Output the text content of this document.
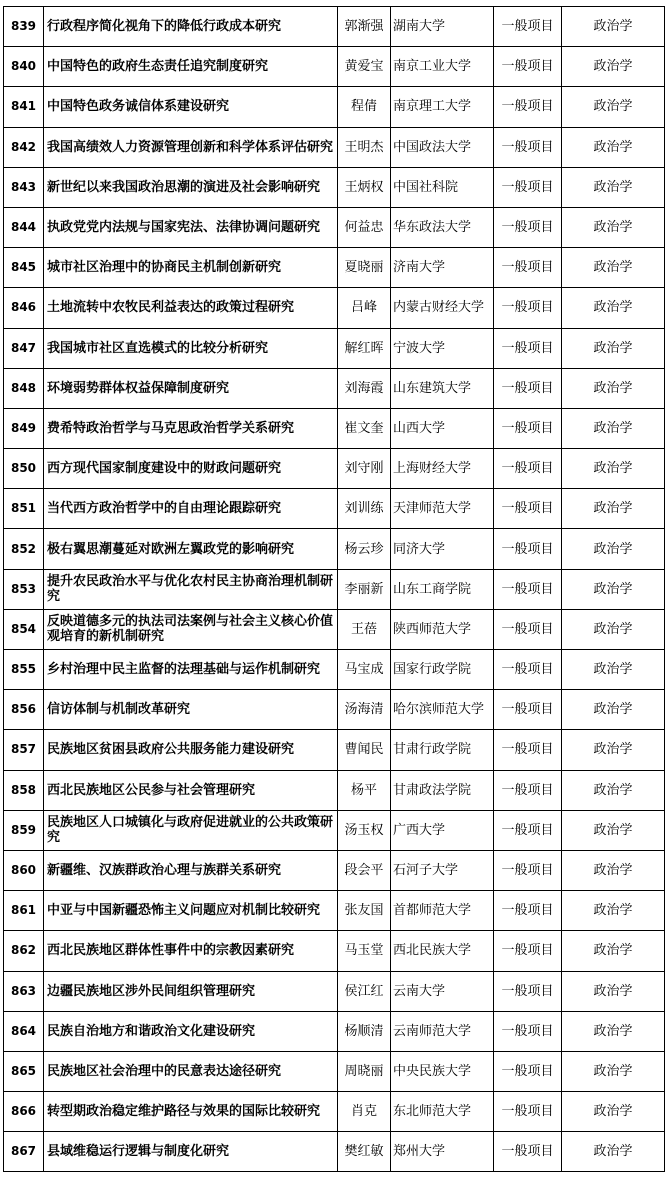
839	行政程序简化视角下的降低行政成本研究	郭渐强	湖南大学	一般项目	政治学
840	中国特色的政府生态责任追究制度研究	黄爱宝	南京工业大学	一般项目	政治学
841	中国特色政务诚信体系建设研究	程倩	南京理工大学	一般项目	政治学
842	我国高绩效人力资源管理创新和科学体系评估研究	王明杰	中国政法大学	一般项目	政治学
843	新世纪以来我国政治思潮的演进及社会影响研究	王炳权	中国社科院	一般项目	政治学
844	执政党党内法规与国家宪法、法律协调问题研究	何益忠	华东政法大学	一般项目	政治学
845	城市社区治理中的协商民主机制创新研究	夏晓丽	济南大学	一般项目	政治学
846	土地流转中农牧民利益表达的政策过程研究	吕峰	内蒙古财经大学	一般项目	政治学
847	我国城市社区直选模式的比较分析研究	解红晖	宁波大学	一般项目	政治学
848	环境弱势群体权益保障制度研究	刘海霞	山东建筑大学	一般项目	政治学
849	费希特政治哲学与马克思政治哲学关系研究	崔文奎	山西大学	一般项目	政治学
850	西方现代国家制度建设中的财政问题研究	刘守刚	上海财经大学	一般项目	政治学
851	当代西方政治哲学中的自由理论跟踪研究	刘训练	天津师范大学	一般项目	政治学
852	极右翼思潮蔓延对欧洲左翼政党的影响研究	杨云珍	同济大学	一般项目	政治学
853	提升农民政治水平与优化农村民主协商治理机制研究	李丽新	山东工商学院	一般项目	政治学
854	反映道德多元的执法司法案例与社会主义核心价值观培育的新机制研究	王蓓	陕西师范大学	一般项目	政治学
855	乡村治理中民主监督的法理基础与运作机制研究	马宝成	国家行政学院	一般项目	政治学
856	信访体制与机制改革研究	汤海清	哈尔滨师范大学	一般项目	政治学
857	民族地区贫困县政府公共服务能力建设研究	曹闻民	甘肃行政学院	一般项目	政治学
858	西北民族地区公民参与社会管理研究	杨平	甘肃政法学院	一般项目	政治学
859	民族地区人口城镇化与政府促进就业的公共政策研究	汤玉权	广西大学	一般项目	政治学
860	新疆维、汉族群政治心理与族群关系研究	段会平	石河子大学	一般项目	政治学
861	中亚与中国新疆恐怖主义问题应对机制比较研究	张友国	首都师范大学	一般项目	政治学
862	西北民族地区群体性事件中的宗教因素研究	马玉堂	西北民族大学	一般项目	政治学
863	边疆民族地区涉外民间组织管理研究	侯江红	云南大学	一般项目	政治学
864	民族自治地方和谐政治文化建设研究	杨顺清	云南师范大学	一般项目	政治学
865	民族地区社会治理中的民意表达途径研究	周晓丽	中央民族大学	一般项目	政治学
866	转型期政治稳定维护路径与效果的国际比较研究	肖克	东北师范大学	一般项目	政治学
867	县域维稳运行逻辑与制度化研究	樊红敏	郑州大学	一般项目	政治学
